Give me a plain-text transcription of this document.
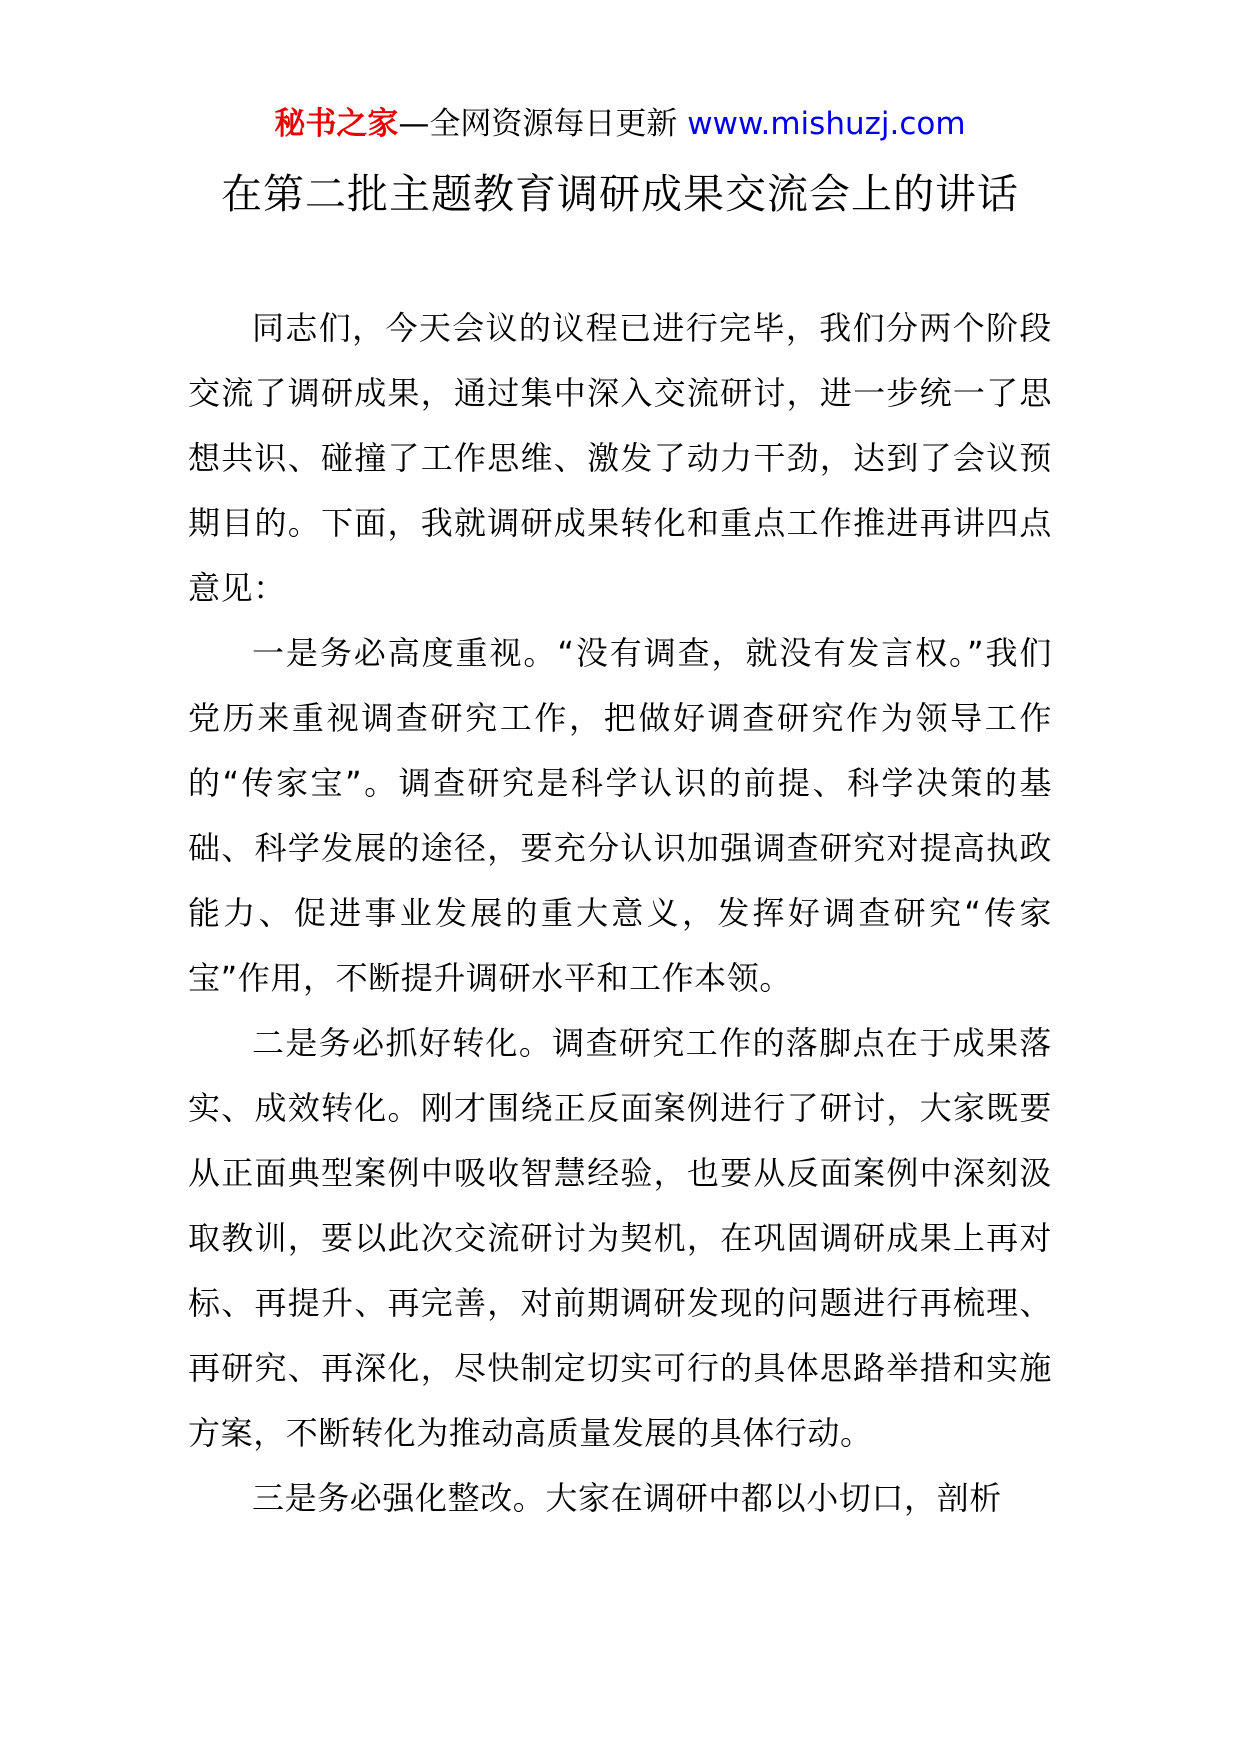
秘书之家—全网资源每日更新 www.mishuzj.com
在第二批主题教育调研成果交流会上的讲话

同志们，今天会议的议程已进行完毕，我们分两个阶段交流了调研成果，通过集中深入交流研讨，进一步统一了思想共识、碰撞了工作思维、激发了动力干劲，达到了会议预期目的。下面，我就调研成果转化和重点工作推进再讲四点意见：

一是务必高度重视。“没有调查，就没有发言权。”我们党历来重视调查研究工作，把做好调查研究作为领导工作的“传家宝”。调查研究是科学认识的前提、科学决策的基础、科学发展的途径，要充分认识加强调查研究对提高执政能力、促进事业发展的重大意义，发挥好调查研究“传家宝”作用，不断提升调研水平和工作本领。

二是务必抓好转化。调查研究工作的落脚点在于成果落实、成效转化。刚才围绕正反面案例进行了研讨，大家既要从正面典型案例中吸收智慧经验，也要从反面案例中深刻汲取教训，要以此次交流研讨为契机，在巩固调研成果上再对标、再提升、再完善，对前期调研发现的问题进行再梳理、再研究、再深化，尽快制定切实可行的具体思路举措和实施方案，不断转化为推动高质量发展的具体行动。

三是务必强化整改。大家在调研中都以小切口，剖析
